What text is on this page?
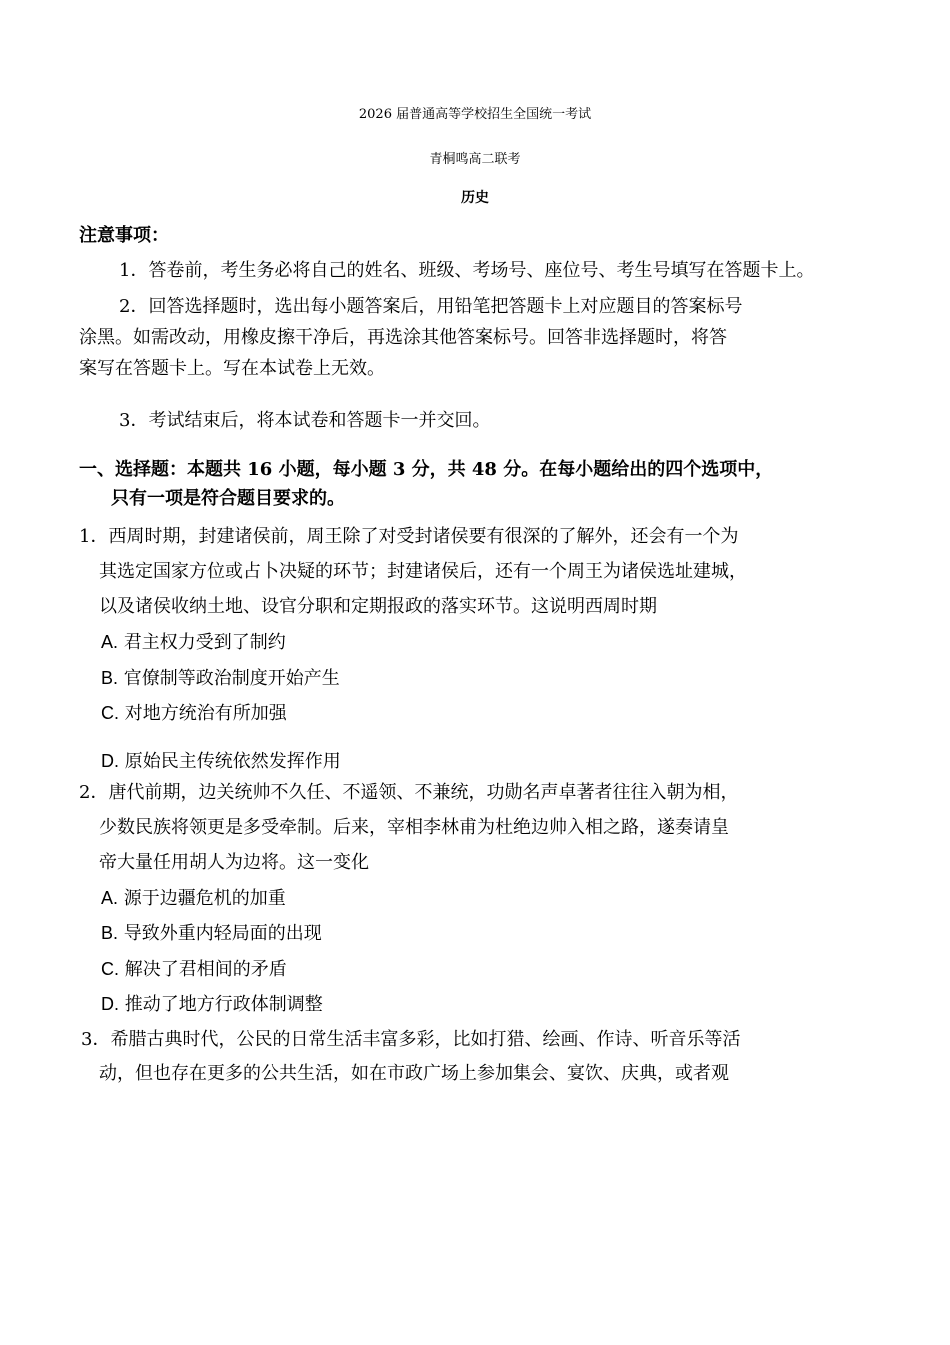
2026 届普通高等学校招生全国统一考试
青桐鸣高二联考
历史
注意事项：
1．答卷前，考生务必将自己的姓名、班级、考场号、座位号、考生号填写在答题卡上。
2．回答选择题时，选出每小题答案后，用铅笔把答题卡上对应题目的答案标号
涂黑。如需改动，用橡皮擦干净后，再选涂其他答案标号。回答非选择题时，将答
案写在答题卡上。写在本试卷上无效。
3．考试结束后，将本试卷和答题卡一并交回。
一、选择题：本题共 16 小题，每小题 3 分，共 48 分。在每小题给出的四个选项中，
只有一项是符合题目要求的。
1．西周时期，封建诸侯前，周王除了对受封诸侯要有很深的了解外，还会有一个为
其选定国家方位或占卜决疑的环节；封建诸侯后，还有一个周王为诸侯选址建城，
以及诸侯收纳土地、设官分职和定期报政的落实环节。这说明西周时期
A. 君主权力受到了制约
B. 官僚制等政治制度开始产生
C. 对地方统治有所加强
D. 原始民主传统依然发挥作用
2．唐代前期，边关统帅不久任、不遥领、不兼统，功勋名声卓著者往往入朝为相，
少数民族将领更是多受牵制。后来，宰相李林甫为杜绝边帅入相之路，遂奏请皇
帝大量任用胡人为边将。这一变化
A. 源于边疆危机的加重
B. 导致外重内轻局面的出现
C. 解决了君相间的矛盾
D. 推动了地方行政体制调整
3．希腊古典时代，公民的日常生活丰富多彩，比如打猎、绘画、作诗、听音乐等活
动，但也存在更多的公共生活，如在市政广场上参加集会、宴饮、庆典，或者观
